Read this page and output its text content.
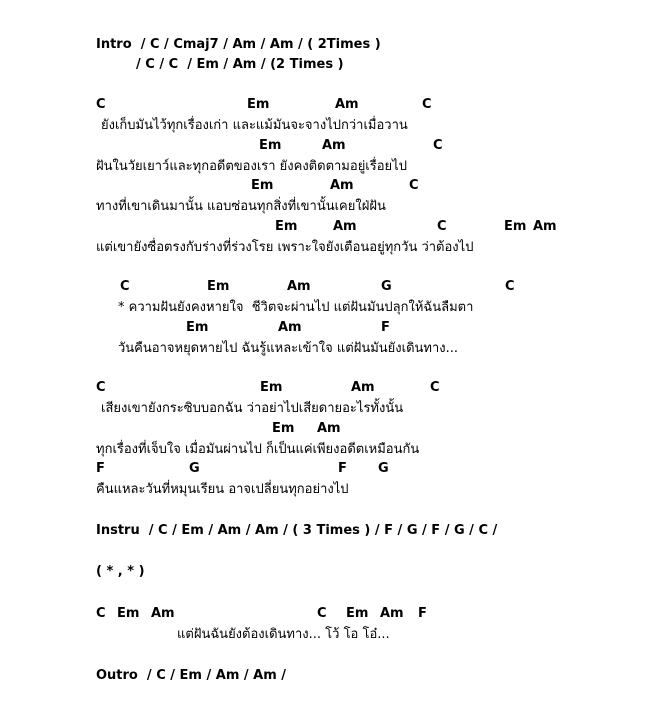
Intro  / C / Cmaj7 / Am / Am / ( 2Times )
/ C / C  / Em / Am / (2 Times )
Instru  / C / Em / Am / Am / ( 3 Times ) / F / G / F / G / C /
( * , * )
Outro  / C / Em / Am / Am /
C	Em	Am	C
ยังเก็บมันไว้ทุกเรื่องเก่า และแม้มันจะจางไปกว่าเมื่อวาน
Em	Am	C
ฝันในวัยเยาว์และทุกอดีตของเรา ยังคงติดตามอยู่เรื่อยไป
Em	Am	C
ทางที่เขาเดินมานั้น แอบซ่อนทุกสิ่งที่เขานั้นเคยใฝ่ฝัน
Em	Am	C	Em Am
แต่เขายังซื่อตรงกับร่างที่ร่วงโรย เพราะใจยังเตือนอยู่ทุกวัน ว่าต้องไป
C	Em	Am	G	C
* ความฝันยังคงหายใจ  ชีวิตจะผ่านไป แต่ฝันมันปลุกให้ฉันลืมตา
Em	Am	F
วันคืนอาจหยุดหายไป ฉันรู้แหละเข้าใจ แต่ฝันมันยังเดินทาง...
C	Em	Am	C
เสียงเขายังกระซิบบอกฉัน ว่าอย่าไปเสียดายอะไรทั้งนั้น
Em Am
ทุกเรื่องที่เจ็บใจ เมื่อมันผ่านไป ก็เป็นแค่เพียงอดีตเหมือนกัน
F	G	F G
คืนแหละวันที่หมุนเรียน อาจเปลี่ยนทุกอย่างไป
C Em Am	C Em Am F
แต่ฝันฉันยังต้องเดินทาง... โว้ โอ โอ๋...
